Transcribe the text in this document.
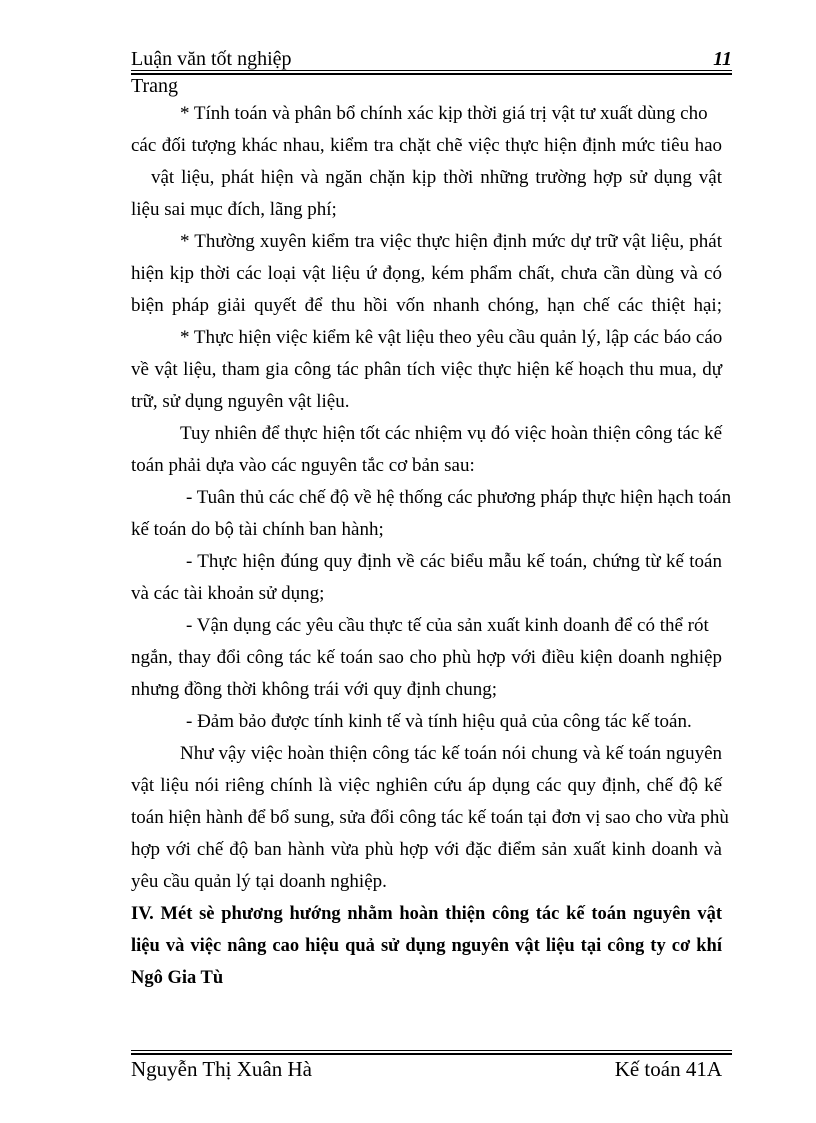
Luận văn tốt nghiệp	11
Trang
* Tính toán và phân bổ chính xác kịp thời giá trị vật tư xuất dùng cho
các đối tượng khác nhau, kiểm tra chặt chẽ việc thực hiện định mức tiêu hao
vật liệu, phát hiện và ngăn chặn kịp thời những trường hợp sử dụng vật
liệu sai mục đích, lãng phí;
* Thường xuyên kiểm tra việc thực hiện định mức dự trữ vật liệu, phát
hiện kịp thời các loại vật liệu ứ đọng, kém phẩm chất, chưa cần dùng và có
biện pháp giải quyết để thu hồi vốn nhanh chóng, hạn chế các thiệt hại;
* Thực hiện việc kiểm kê vật liệu theo yêu cầu quản lý, lập các báo cáo
về vật liệu, tham gia công tác phân tích việc thực hiện kế hoạch thu mua, dự
trữ, sử dụng nguyên vật liệu.
Tuy nhiên để thực hiện tốt các nhiệm vụ đó việc hoàn thiện công tác kế
toán phải dựa vào các nguyên tắc cơ bản sau:
- Tuân thủ các chế độ về hệ thống các phương pháp thực hiện hạch toán
kế toán do bộ tài chính ban hành;
- Thực hiện đúng quy định về các biểu mẫu kế toán, chứng từ kế toán
và các tài khoản sử dụng;
- Vận dụng các yêu cầu thực tế của sản xuất kinh doanh để có thể rót
ngắn, thay đổi công tác kế toán sao cho phù hợp với điều kiện doanh nghiệp
nhưng đồng thời không trái với quy định chung;
- Đảm bảo được tính kinh tế và tính hiệu quả của công tác kế toán.
Như vậy việc hoàn thiện công tác kế toán nói chung và kế toán nguyên
vật liệu nói riêng chính là việc nghiên cứu áp dụng các quy định, chế độ kế
toán hiện hành để bổ sung, sửa đổi công tác kế toán tại đơn vị sao cho vừa phù
hợp với chế độ ban hành vừa phù hợp với đặc điểm sản xuất kinh doanh và
yêu cầu quản lý tại doanh nghiệp.
IV. Mét sè phương hướng nhằm hoàn thiện công tác kế toán nguyên vật
liệu và việc nâng cao hiệu quả sử dụng nguyên vật liệu tại công ty cơ khí
Ngô Gia Tù
Nguyễn Thị Xuân Hà	Kế toán 41A
